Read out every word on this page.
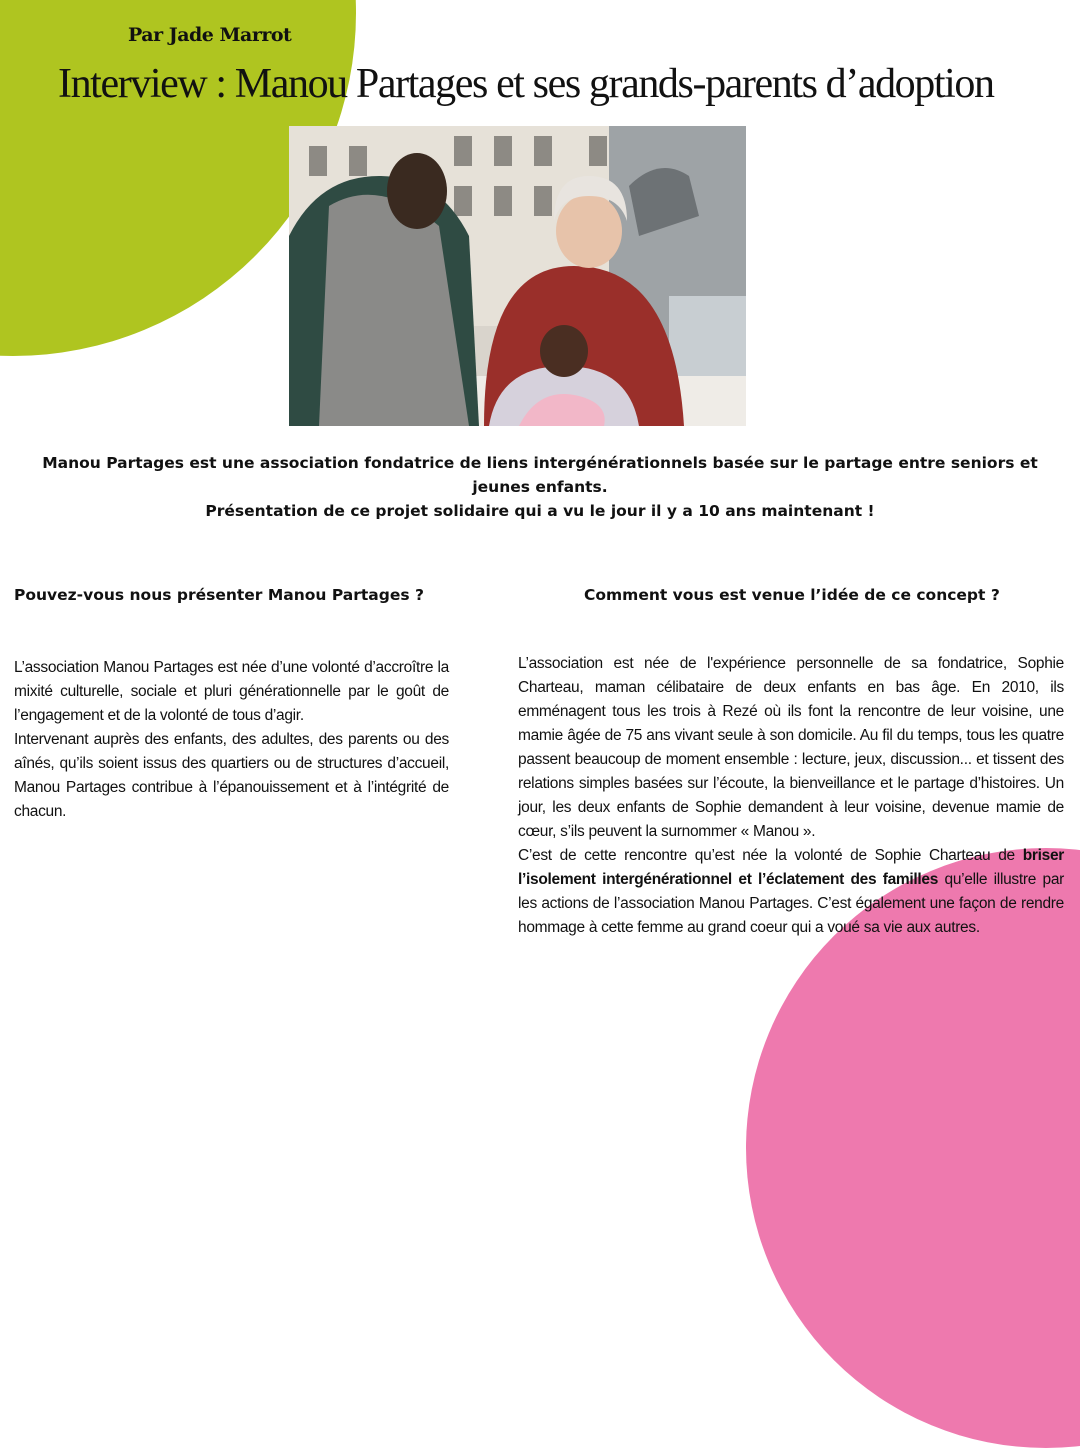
Par Jade Marrot
Interview : Manou Partages et ses grands-parents d’adoption

Manou Partages est une association fondatrice de liens intergénérationnels basée sur le partage entre seniors et jeunes enfants.

Présentation de ce projet solidaire qui a vu le jour il y a 10 ans maintenant !

Pouvez-vous nous présenter Manou Partages ?	Comment vous est venue l’idée de ce concept ?

L’association Manou Partages est née d’une volonté d’accroître la mixité culturelle, sociale et pluri générationnelle par le goût de l’engagement et de la volonté de tous d’agir.

Intervenant auprès des enfants, des adultes, des parents ou des aînés, qu’ils soient issus des quartiers ou de structures d’accueil, Manou Partages contribue à l’épanouissement et à l’intégrité de chacun.

L’association est née de l'expérience personnelle de sa fondatrice, Sophie Charteau, maman célibataire de deux enfants en bas âge. En 2010, ils emménagent tous les trois à Rezé où ils font la rencontre de leur voisine, une mamie âgée de 75 ans vivant seule à son domicile. Au fil du temps, tous les quatre passent beaucoup de moment ensemble : lecture, jeux, discussion... et tissent des relations simples basées sur l’écoute, la bienveillance et le partage d’histoires. Un jour, les deux enfants de Sophie demandent à leur voisine, devenue mamie de cœur, s’ils peuvent la surnommer « Manou ».

C’est de cette rencontre qu’est née la volonté de Sophie Charteau de briser l’isolement intergénérationnel et l’éclatement des familles qu’elle illustre par les actions de l’association Manou Partages. C’est également une façon de rendre hommage à cette femme au grand coeur qui a voué sa vie aux autres.
